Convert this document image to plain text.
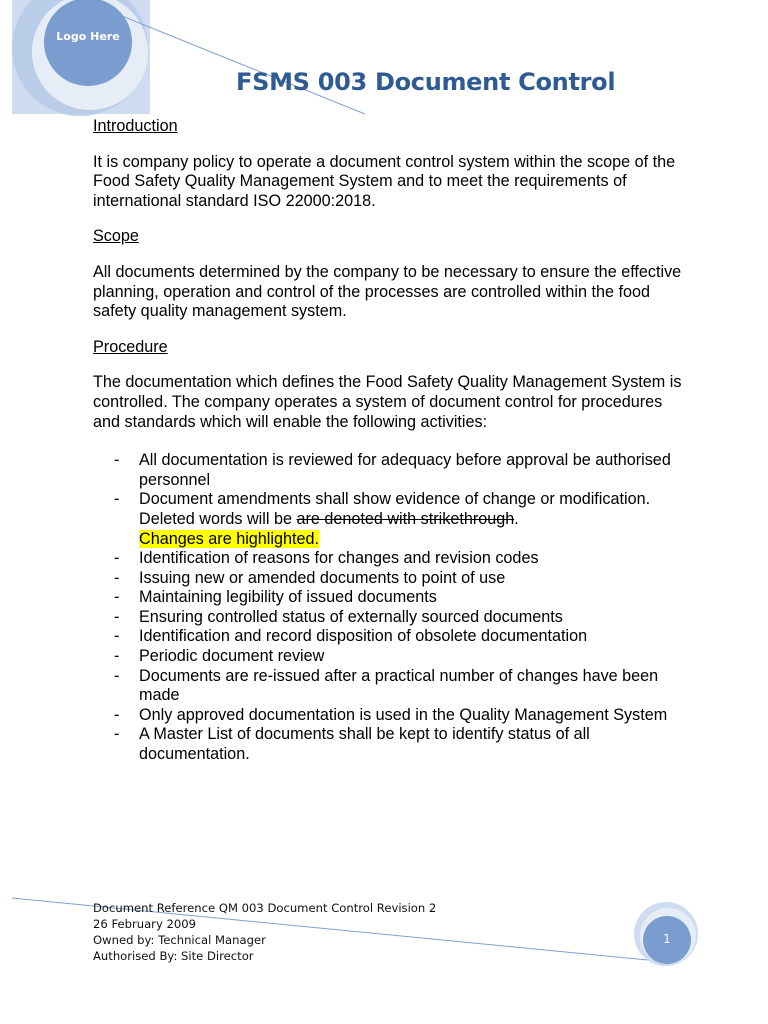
Logo Here
FSMS 003 Document Control
Introduction

It is company policy to operate a document control system within the scope of the Food Safety Quality Management System and to meet the requirements of international standard ISO 22000:2018.

Scope

All documents determined by the company to be necessary to ensure the effective planning, operation and control of the processes are controlled within the food safety quality management system.

Procedure

The documentation which defines the Food Safety Quality Management System is controlled. The company operates a system of document control for procedures and standards which will enable the following activities:

- All documentation is reviewed for adequacy before approval be authorised personnel
- Document amendments shall show evidence of change or modification. Deleted words will be are denoted with strikethrough.
Changes are highlighted.
- Identification of reasons for changes and revision codes
- Issuing new or amended documents to point of use
- Maintaining legibility of issued documents
- Ensuring controlled status of externally sourced documents
- Identification and record disposition of obsolete documentation
- Periodic document review
- Documents are re-issued after a practical number of changes have been made
- Only approved documentation is used in the Quality Management System
- A Master List of documents shall be kept to identify status of all documentation.
Document Reference QM 003 Document Control Revision 2
26 February 2009
Owned by: Technical Manager
Authorised By: Site Director
1
